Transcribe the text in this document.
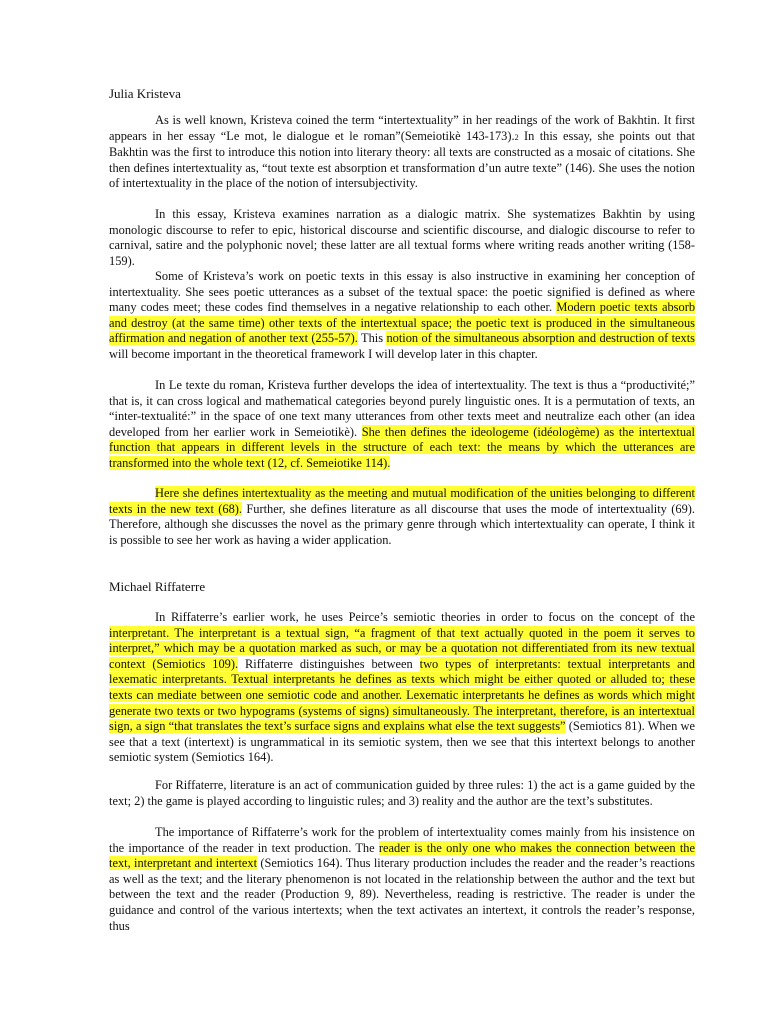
Julia Kristeva

As is well known, Kristeva coined the term “intertextuality” in her readings of the work of Bakhtin. It first appears in her essay “Le mot, le dialogue et le roman”(Semeiotikè 143-173).2 In this essay, she points out that Bakhtin was the first to introduce this notion into literary theory: all texts are constructed as a mosaic of citations. She then defines intertextuality as, “tout texte est absorption et transformation d’un autre texte” (146). She uses the notion of intertextuality in the place of the notion of intersubjectivity.

In this essay, Kristeva examines narration as a dialogic matrix. She systematizes Bakhtin by using monologic discourse to refer to epic, historical discourse and scientific discourse, and dialogic discourse to refer to carnival, satire and the polyphonic novel; these latter are all textual forms where writing reads another writing (158-159).

Some of Kristeva’s work on poetic texts in this essay is also instructive in examining her conception of intertextuality. She sees poetic utterances as a subset of the textual space: the poetic signified is defined as where many codes meet; these codes find themselves in a negative relationship to each other. Modern poetic texts absorb and destroy (at the same time) other texts of the intertextual space; the poetic text is produced in the simultaneous affirmation and negation of another text (255-57). This notion of the simultaneous absorption and destruction of texts will become important in the theoretical framework I will develop later in this chapter.

In Le texte du roman, Kristeva further develops the idea of intertextuality. The text is thus a “productivité;” that is, it can cross logical and mathematical categories beyond purely linguistic ones. It is a permutation of texts, an “inter-textualité:” in the space of one text many utterances from other texts meet and neutralize each other (an idea developed from her earlier work in Semeiotikè). She then defines the ideologeme (idéologème) as the intertextual function that appears in different levels in the structure of each text: the means by which the utterances are transformed into the whole text (12, cf. Semeiotike 114).

Here she defines intertextuality as the meeting and mutual modification of the unities belonging to different texts in the new text (68). Further, she defines literature as all discourse that uses the mode of intertextuality (69). Therefore, although she discusses the novel as the primary genre through which intertextuality can operate, I think it is possible to see her work as having a wider application.

Michael Riffaterre

In Riffaterre’s earlier work, he uses Peirce’s semiotic theories in order to focus on the concept of the interpretant. The interpretant is a textual sign, “a fragment of that text actually quoted in the poem it serves to interpret,” which may be a quotation marked as such, or may be a quotation not differentiated from its new textual context (Semiotics 109). Riffaterre distinguishes between two types of interpretants: textual interpretants and lexematic interpretants. Textual interpretants he defines as texts which might be either quoted or alluded to; these texts can mediate between one semiotic code and another. Lexematic interpretants he defines as words which might generate two texts or two hypograms (systems of signs) simultaneously. The interpretant, therefore, is an intertextual sign, a sign “that translates the text’s surface signs and explains what else the text suggests” (Semiotics 81). When we see that a text (intertext) is ungrammatical in its semiotic system, then we see that this intertext belongs to another semiotic system (Semiotics 164).

For Riffaterre, literature is an act of communication guided by three rules: 1) the act is a game guided by the text; 2) the game is played according to linguistic rules; and 3) reality and the author are the text’s substitutes.

The importance of Riffaterre’s work for the problem of intertextuality comes mainly from his insistence on the importance of the reader in text production. The reader is the only one who makes the connection between the text, interpretant and intertext (Semiotics 164). Thus literary production includes the reader and the reader’s reactions as well as the text; and the literary phenomenon is not located in the relationship between the author and the text but between the text and the reader (Production 9, 89). Nevertheless, reading is restrictive. The reader is under the guidance and control of the various intertexts; when the text activates an intertext, it controls the reader’s response, thus
